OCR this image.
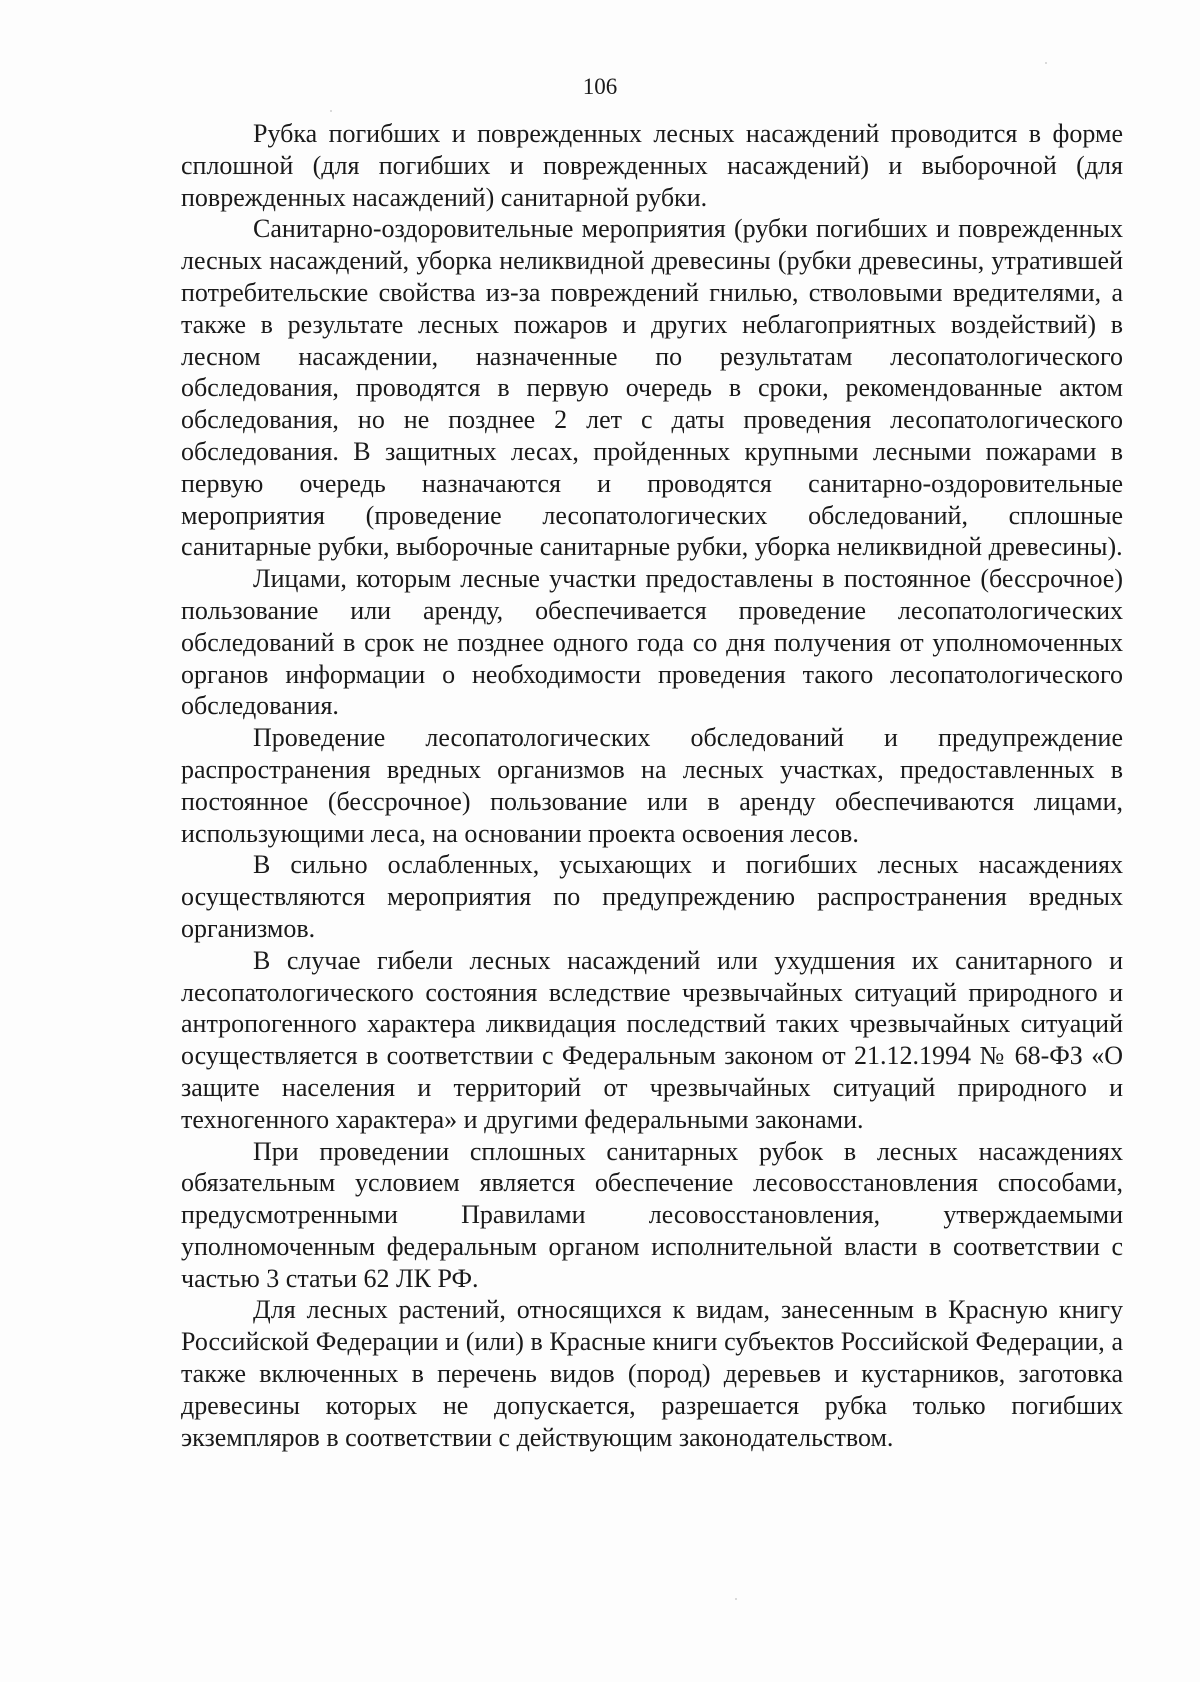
106

Рубка погибших и поврежденных лесных насаждений проводится в форме сплошной (для погибших и поврежденных насаждений) и выборочной (для поврежденных насаждений) санитарной рубки.

Санитарно-оздоровительные мероприятия (рубки погибших и поврежденных лесных насаждений, уборка неликвидной древесины (рубки древесины, утратившей потребительские свойства из-за повреждений гнилью, стволовыми вредителями, а также в результате лесных пожаров и других неблагоприятных воздействий) в лесном насаждении, назначенные по результатам лесопатологического обследования, проводятся в первую очередь в сроки, рекомендованные актом обследования, но не позднее 2 лет с даты проведения лесопатологического обследования. В защитных лесах, пройденных крупными лесными пожарами в первую очередь назначаются и проводятся санитарно-оздоровительные мероприятия (проведение лесопатологических обследований, сплошные санитарные рубки, выборочные санитарные рубки, уборка неликвидной древесины).

Лицами, которым лесные участки предоставлены в постоянное (бессрочное) пользование или аренду, обеспечивается проведение лесопатологических обследований в срок не позднее одного года со дня получения от уполномоченных органов информации о необходимости проведения такого лесопатологического обследования.

Проведение лесопатологических обследований и предупреждение распространения вредных организмов на лесных участках, предоставленных в постоянное (бессрочное) пользование или в аренду обеспечиваются лицами, использующими леса, на основании проекта освоения лесов.

В сильно ослабленных, усыхающих и погибших лесных насаждениях осуществляются мероприятия по предупреждению распространения вредных организмов.

В случае гибели лесных насаждений или ухудшения их санитарного и лесопатологического состояния вследствие чрезвычайных ситуаций природного и антропогенного характера ликвидация последствий таких чрезвычайных ситуаций осуществляется в соответствии с Федеральным законом от 21.12.1994 № 68-ФЗ «О защите населения и территорий от чрезвычайных ситуаций природного и техногенного характера» и другими федеральными законами.

При проведении сплошных санитарных рубок в лесных насаждениях обязательным условием является обеспечение лесовосстановления способами, предусмотренными Правилами лесовосстановления, утверждаемыми уполномоченным федеральным органом исполнительной власти в соответствии с частью 3 статьи 62 ЛК РФ.

Для лесных растений, относящихся к видам, занесенным в Красную книгу Российской Федерации и (или) в Красные книги субъектов Российской Федерации, а также включенных в перечень видов (пород) деревьев и кустарников, заготовка древесины которых не допускается, разрешается рубка только погибших экземпляров в соответствии с действующим законодательством.
